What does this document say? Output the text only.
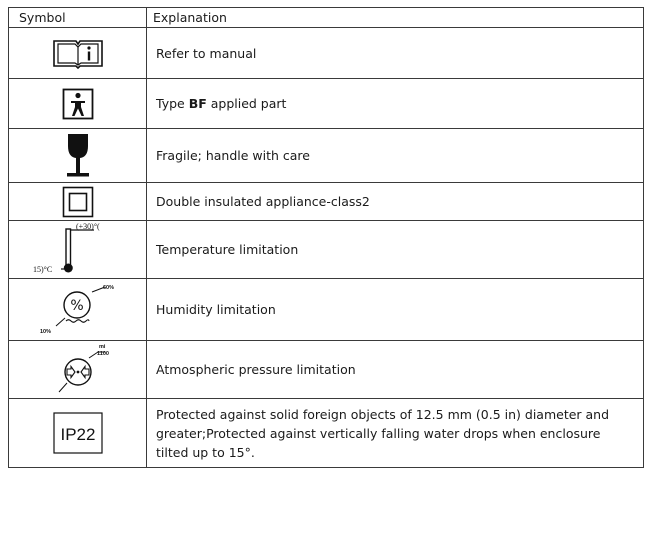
Symbol	Explanation

	Refer to manual

	Type BF applied part

	Fragile; handle with care

	Double insulated appliance-class2

(+30)°(
15)°C	Temperature limitation

%
60%
10%	Humidity limitation

mi
1100	Atmospheric pressure limitation

IP22	Protected against solid foreign objects of 12.5 mm (0.5 in) diameter and greater;Protected against vertically falling water drops when enclosure tilted up to 15°.
